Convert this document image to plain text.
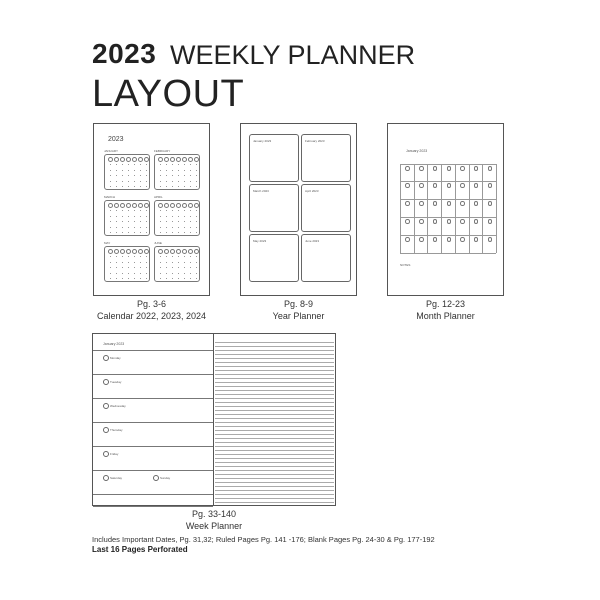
2023 WEEKLY PLANNER
LAYOUT
2023
JANUARY	FEBRUARY
MARCH	APRIL
MAY	JUNE
Pg. 3-6
Calendar 2022, 2023, 2024
January 2023	February 2023
March 2023	April 2023
May 2023	June 2023
Pg. 8-9
Year Planner
January 2023
NOTES
Pg. 12-23
Month Planner
January 2023
Monday
Tuesday
Wednesday
Thursday
Friday
Saturday	Sunday
Pg. 33-140
Week Planner
Includes Important Dates, Pg. 31,32; Ruled Pages Pg. 141 -176; Blank Pages Pg. 24-30 & Pg. 177-192
Last 16 Pages Perforated
